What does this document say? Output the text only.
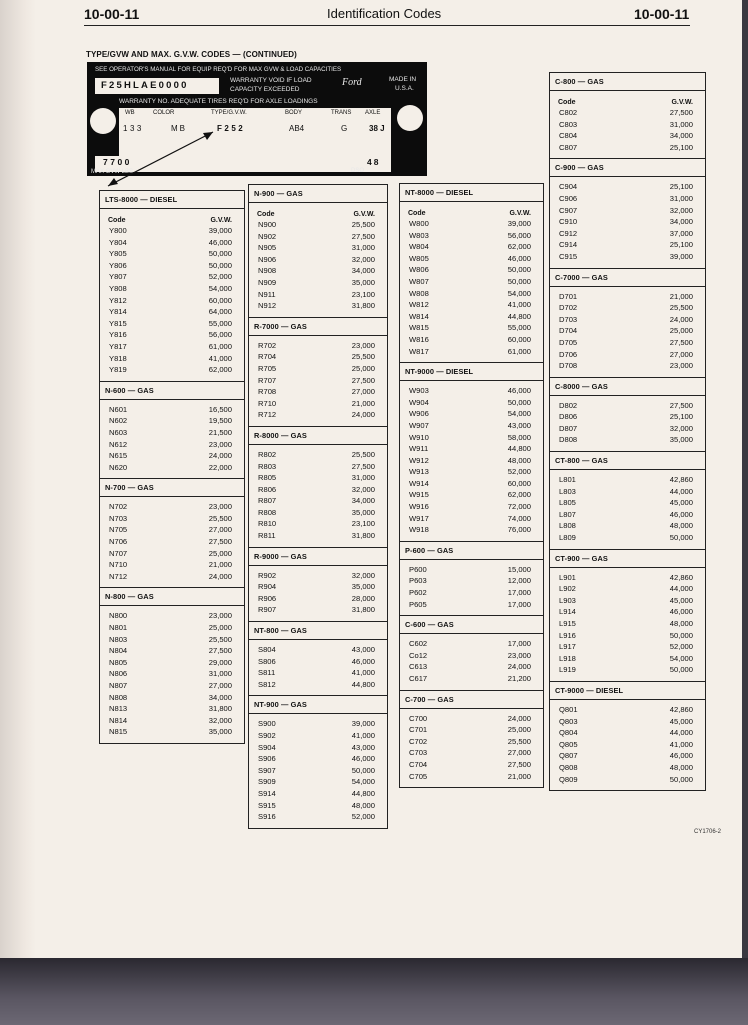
10-00-11	Identification Codes	10-00-11
TYPE/GVW AND MAX. G.V.W. CODES — (CONTINUED)
SEE OPERATOR'S MANUAL FOR EQUIP REQ'D FOR MAX GVW & LOAD CAPACITIES
F25HLAE0000	WARRANTY VOID IF LOAD
CAPACITY EXCEEDED
Ford	MADE IN
U.S.A.
WARRANTY NO. ADEQUATE TIRES REQ'D FOR AXLE LOADINGS
WB	COLOR	TYPE/G.V.W.	BODY	TRANS AXLE
133	MB	F252	AB4	G	38 J
7700	48
MAX GVW LBS	DSO
LTS-8000 — DIESEL
Code	G.V.W.
Y800	39,000
Y804	46,000
Y805	50,000
Y806	50,000
Y807	52,000
Y808	54,000
Y812	60,000
Y814	64,000
Y815	55,000
Y816	56,000
Y817	61,000
Y818	41,000
Y819	62,000
N-600 — GAS
N601	16,500
N602	19,500
N603	21,500
N612	23,000
N615	24,000
N620	22,000
N-700 — GAS
N702	23,000
N703	25,500
N705	27,000
N706	27,500
N707	25,000
N710	21,000
N712	24,000
N-800 — GAS
N800	23,000
N801	25,000
N803	25,500
N804	27,500
N805	29,000
N806	31,000
N807	27,000
N808	34,000
N813	31,800
N814	32,000
N815	35,000
N-900 — GAS
Code	G.V.W.
N900	25,500
N902	27,500
N905	31,000
N906	32,000
N908	34,000
N909	35,000
N911	23,100
N912	31,800
R-7000 — GAS
R702	23,000
R704	25,500
R705	25,000
R707	27,500
R708	27,000
R710	21,000
R712	24,000
R-8000 — GAS
R802	25,500
R803	27,500
R805	31,000
R806	32,000
R807	34,000
R808	35,000
R810	23,100
R811	31,800
R-9000 — GAS
R902	32,000
R904	35,000
R906	28,000
R907	31,800
NT-800 — GAS
S804	43,000
S806	46,000
S811	41,000
S812	44,800
NT-900 — GAS
S900	39,000
S902	41,000
S904	43,000
S906	46,000
S907	50,000
S909	54,000
S914	44,800
S915	48,000
S916	52,000
NT-8000 — DIESEL
Code	G.V.W.
W800	39,000
W803	56,000
W804	62,000
W805	46,000
W806	50,000
W807	50,000
W808	54,000
W812	41,000
W814	44,800
W815	55,000
W816	60,000
W817	61,000
NT-9000 — DIESEL
W903	46,000
W904	50,000
W906	54,000
W907	43,000
W910	58,000
W911	44,800
W912	48,000
W913	52,000
W914	60,000
W915	62,000
W916	72,000
W917	74,000
W918	76,000
P-600 — GAS
P600	15,000
P603	12,000
P602	17,000
P605	17,000
C-600 — GAS
C602	17,000
Co12	23,000
C613	24,000
C617	21,200
C-700 — GAS
C700	24,000
C701	25,000
C702	25,500
C703	27,000
C704	27,500
C705	21,000
C-800 — GAS
Code	G.V.W.
C802	27,500
C803	31,000
C804	34,000
C807	25,100
C-900 — GAS
C904	25,100
C906	31,000
C907	32,000
C910	34,000
C912	37,000
C914	25,100
C915	39,000
C-7000 — GAS
D701	21,000
D702	25,500
D703	24,000
D704	25,000
D705	27,500
D706	27,000
D708	23,000
C-8000 — GAS
D802	27,500
D806	25,100
D807	32,000
D808	35,000
CT-800 — GAS
L801	42,860
L803	44,000
L805	45,000
L807	46,000
L808	48,000
L809	50,000
CT-900 — GAS
L901	42,860
L902	44,000
L903	45,000
L914	46,000
L915	48,000
L916	50,000
L917	52,000
L918	54,000
L919	50,000
CT-9000 — DIESEL
Q801	42,860
Q803	45,000
Q804	44,000
Q805	41,000
Q807	46,000
Q808	48,000
Q809	50,000
CY1706-2
